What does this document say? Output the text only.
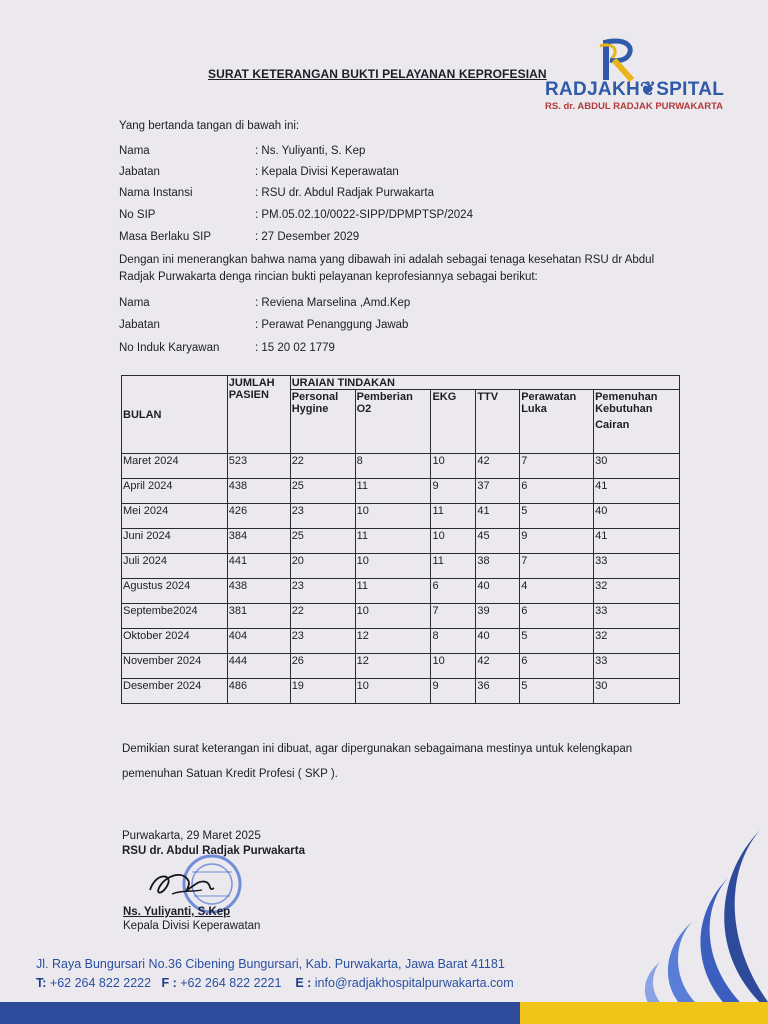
RADJAKH❦SPITAL
RS. dr. ABDUL RADJAK PURWAKARTA
SURAT KETERANGAN BUKTI PELAYANAN KEPROFESIAN
Yang bertanda tangan di bawah ini:
Nama	: Ns. Yuliyanti, S. Kep
Jabatan	: Kepala Divisi Keperawatan
Nama Instansi	: RSU dr. Abdul Radjak Purwakarta
No SIP	: PM.05.02.10/0022-SIPP/DPMPTSP/2024
Masa Berlaku SIP	: 27 Desember 2029
Dengan ini menerangkan bahwa nama yang dibawah ini adalah sebagai tenaga kesehatan RSU dr Abdul Radjak Purwakarta denga rincian bukti pelayanan keprofesiannya sebagai berikut:
Nama	: Reviena Marselina ,Amd.Kep
Jabatan	: Perawat Penanggung Jawab
No Induk Karyawan	: 15 20 02 1779
BULAN	JUMLAH PASIEN	URAIAN TINDAKAN					
		Personal Hygine	Pemberian O2	EKG	TTV	Perawatan Luka	Pemenuhan Kebutuhan
Cairan

Maret 2024	523	22	8	10	42	7	30
April 2024	438	25	11	9	37	6	41
Mei 2024	426	23	10	11	41	5	40
Juni 2024	384	25	11	10	45	9	41
Juli 2024	441	20	10	11	38	7	33
Agustus 2024	438	23	11	6	40	4	32
Septembe2024	381	22	10	7	39	6	33
Oktober 2024	404	23	12	8	40	5	32
November 2024	444	26	12	10	42	6	33
Desember 2024	486	19	10	9	36	5	30
Demikian surat keterangan ini dibuat, agar dipergunakan sebagaimana mestinya untuk kelengkapan pemenuhan Satuan Kredit Profesi ( SKP ).
Purwakarta, 29 Maret 2025
RSU dr. Abdul Radjak Purwakarta
Ns. Yuliyanti, S.Kep
Kepala Divisi Keperawatan
Jl. Raya Bungursari No.36 Cibening Bungursari, Kab. Purwakarta, Jawa Barat 41181
T: +62 264 822 2222 F : +62 264 822 2221 E : info@radjakhospitalpurwakarta.com
